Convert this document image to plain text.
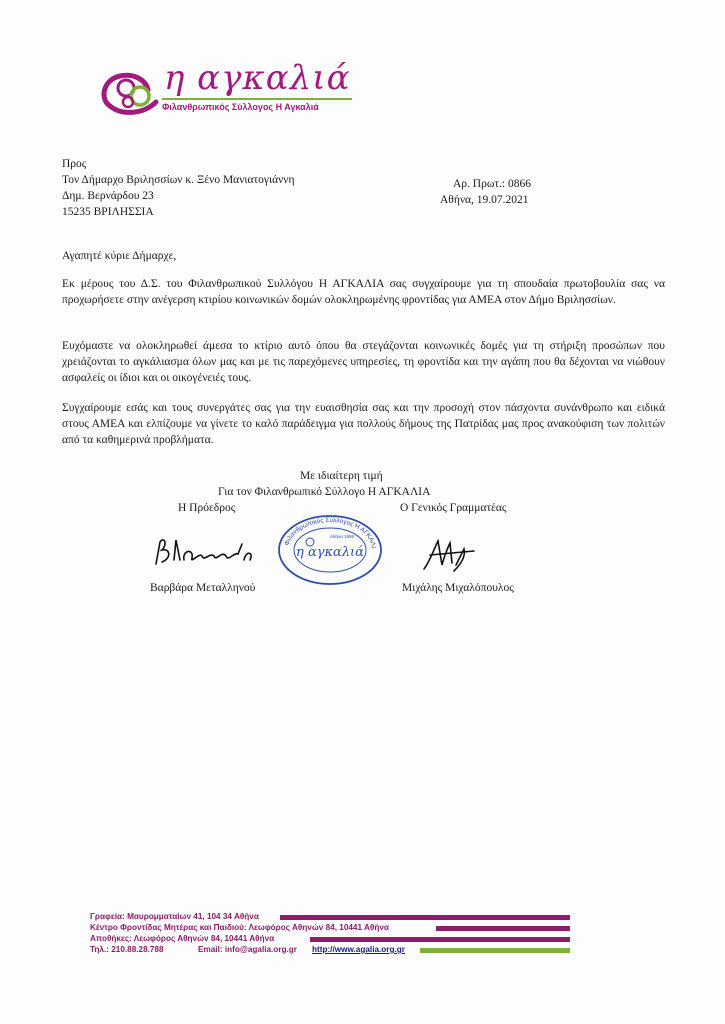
η αγκαλιά
Φιλανθρωπικός Σύλλογος Η Αγκαλιά
Προς
Τον Δήμαρχο Βριλησσίων κ. Ξένο Μανιατογιάννη
Δημ. Βερνάρδου 23
15235 ΒΡΙΛΗΣΣΙΑ
Αρ. Πρωτ.: 0866
Αθήνα, 19.07.2021
Αγαπητέ κύριε Δήμαρχε,
Εκ μέρους του Δ.Σ. του Φιλανθρωπικού Συλλόγου Η ΑΓΚΑΛΙΑ σας συγχαίρουμε για τη σπουδαία πρωτοβουλία σας να προχωρήσετε στην ανέγερση κτιρίου κοινωνικών δομών ολοκληρωμένης φροντίδας για ΑΜΕΑ στον Δήμο Βριλησσίων.
Ευχόμαστε να ολοκληρωθεί άμεσα το κτίριο αυτό όπου θα στεγάζονται κοινωνικές δομές για τη στήριξη προσώπων που χρειάζονται το αγκάλιασμα όλων μας και με τις παρεχόμενες υπηρεσίες, τη φροντίδα και την αγάπη που θα δέχονται να νιώθουν ασφαλείς οι ίδιοι και οι οικογένειές τους.
Συγχαίρουμε εσάς και τους συνεργάτες σας για την ευαισθησία σας και την προσοχή στον πάσχοντα συνάνθρωπο και ειδικά στους ΑΜΕΑ και ελπίζουμε να γίνετε το καλό παράδειγμα για πολλούς δήμους της Πατρίδας μας προς ανακούφιση των πολιτών από τα καθημερινά προβλήματα.
Με ιδιαίτερη τιμή
Για τον Φιλανθρωπικό Σύλλογο Η ΑΓΚΑΛΙΑ
Η Πρόεδρος	Ο Γενικός Γραμματέας
Φιλανθρωπικός Σύλλογος Η ΑΓΚΑΛΙ
η αγκαλιά
Αθήνα 1998
Βαρβάρα Μεταλληνού	Μιχάλης Μιχαλόπουλος
Γραφεία: Μαυρομματαίων 41, 104 34 Αθήνα
Κέντρο Φροντίδας Μητέρας και Παιδιού: Λεωφόρος Αθηνών 84, 10441 Αθήνα
Αποθήκες: Λεωφόρος Αθηνών 84, 10441 Αθήνα
Τηλ.: 210.88.28.788	Email: info@agalia.org.gr http://www.agalia.org.gr
